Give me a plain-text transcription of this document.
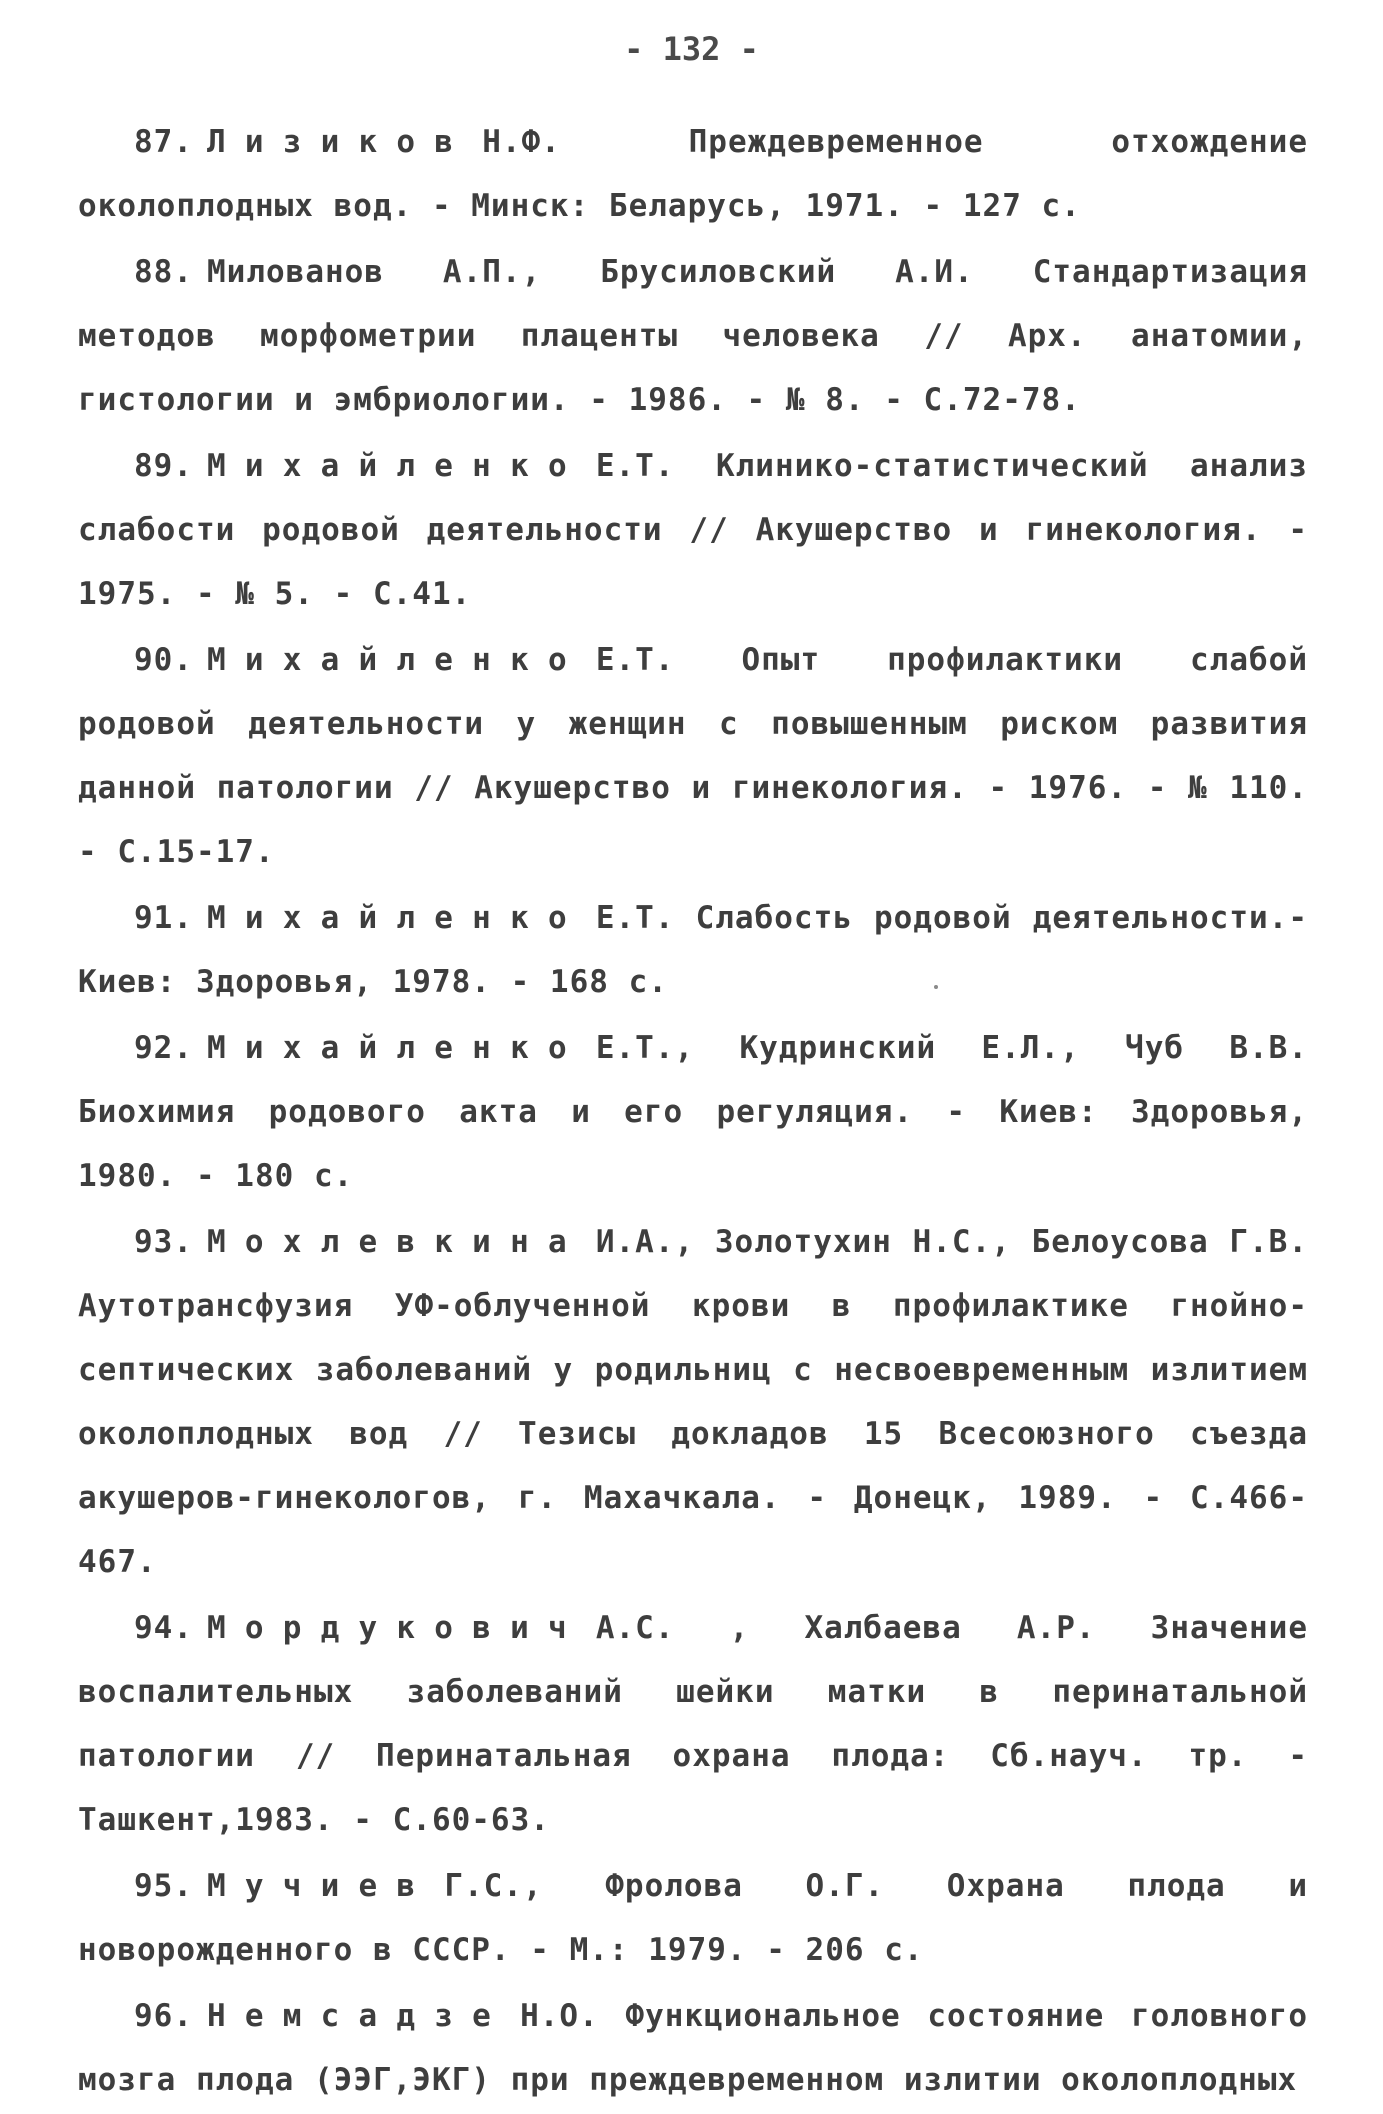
- 132 -

87. Лизиков Н.Ф. Преждевременное отхождение околоплодных вод. - Минск: Беларусь, 1971. - 127 с.

88. Милованов А.П., Брусиловский А.И. Стандартизация методов морфометрии плаценты человека // Арх. анатомии, гистологии и эмбриологии. - 1986. - № 8. - С.72-78.

89. Михайленко Е.Т. Клинико-статистический анализ слабости родовой деятельности // Акушерство и гинекология. - 1975. - № 5. - С.41.

90. Михайленко Е.Т. Опыт профилактики слабой родовой деятельности у женщин с повышенным риском развития данной патологии // Акушерство и гинекология. - 1976. - № 110. - С.15-17.

91. Михайленко Е.Т. Слабость родовой деятельности.- Киев: Здоровья, 1978. - 168 с.

92. Михайленко Е.Т., Кудринский Е.Л., Чуб В.В. Биохимия родового акта и его регуляция. - Киев: Здоровья, 1980. - 180 с.

93. Мохлевкина И.А., Золотухин Н.С., Белоусова Г.В. Аутотрансфузия УФ-облученной крови в профилактике гнойно-септических заболеваний у родильниц с несвоевременным излитием околоплодных вод // Тезисы докладов 15 Всесоюзного съезда акушеров-гинекологов, г. Махачкала. - Донецк, 1989. - С.466-467.

94. Мордукович А.С. , Халбаева А.Р. Значение воспалительных заболеваний шейки матки в перинатальной патологии // Перинатальная охрана плода: Сб.науч. тр. - Ташкент,1983. - С.60-63.

95. Мучиев Г.С., Фролова О.Г. Охрана плода и новорожденного в СССР. - М.: 1979. - 206 с.

96. Немсадзе Н.О. Функциональное состояние головного мозга плода (ЭЭГ,ЭКГ) при преждевременном излитии околоплодных
